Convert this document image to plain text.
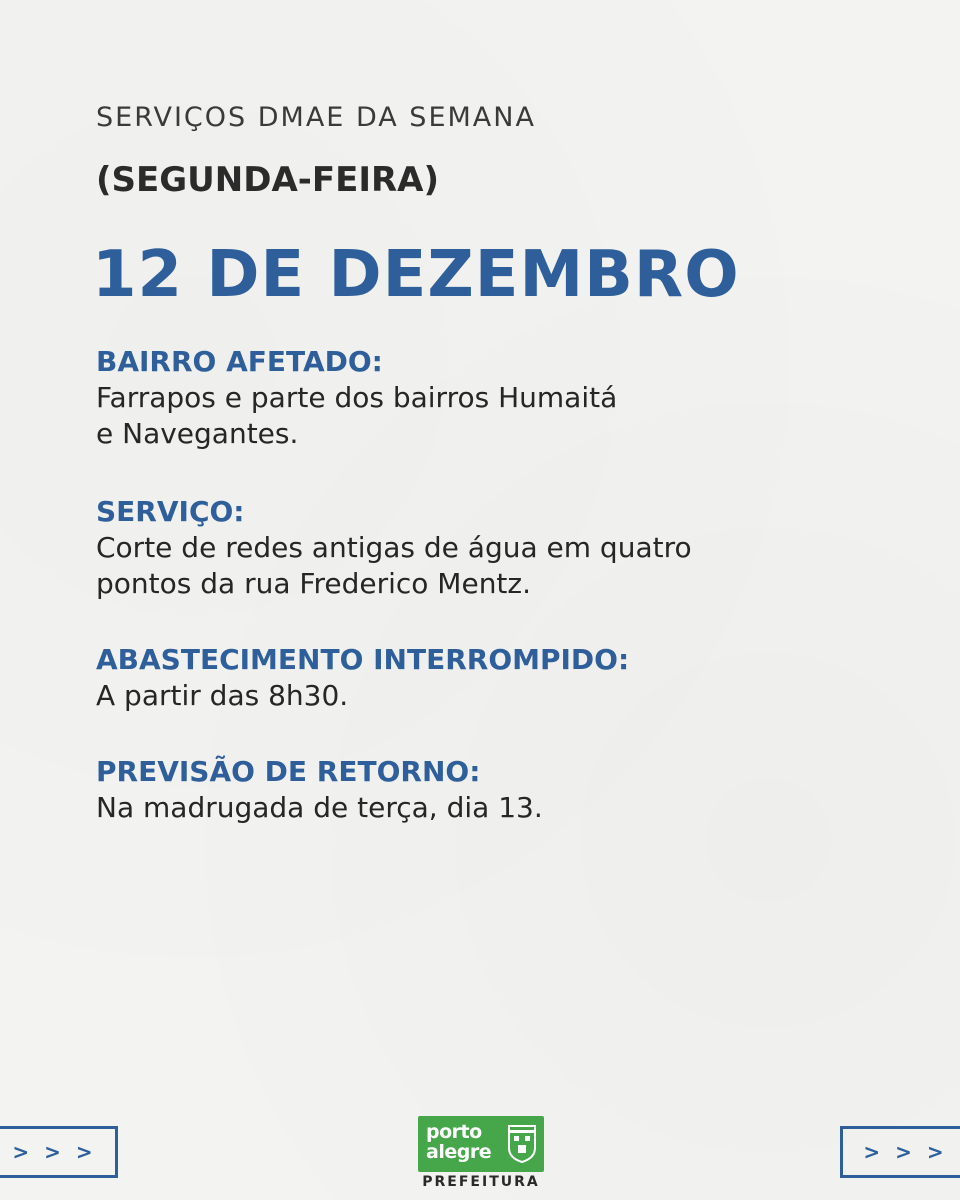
SERVIÇOS DMAE DA SEMANA
(SEGUNDA-FEIRA)
12 DE DEZEMBRO
BAIRRO AFETADO:
Farrapos e parte dos bairros Humaitá
e Navegantes.
SERVIÇO:
Corte de redes antigas de água em quatro
pontos da rua Frederico Mentz.
ABASTECIMENTO INTERROMPIDO:
A partir das 8h30.
PREVISÃO DE RETORNO:
Na madrugada de terça, dia 13.
> > >	> > >
porto
alegre
PREFEITURA
